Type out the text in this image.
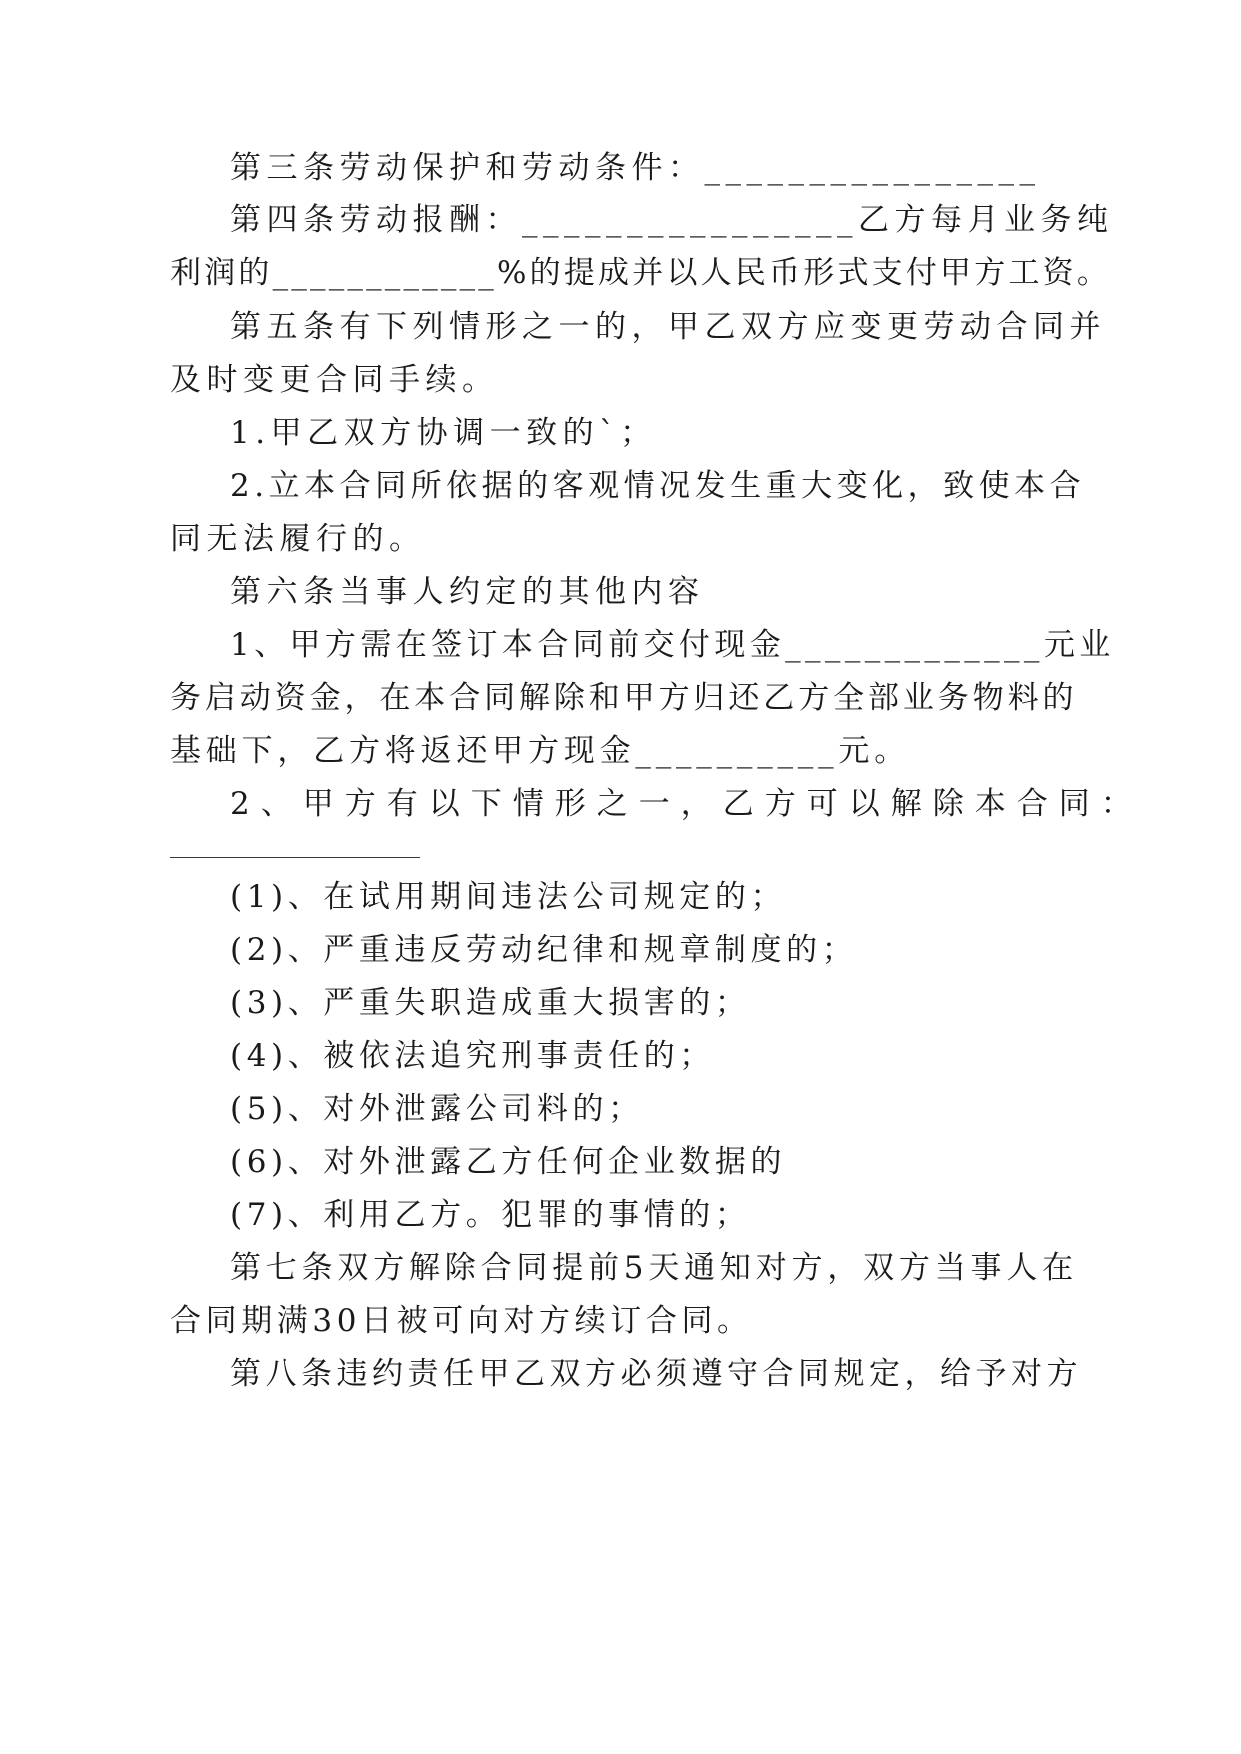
第三条劳动保护和劳动条件：________________
第四条劳动报酬：________________乙方每月业务纯
利润的____________%的提成并以人民币形式支付甲方工资。
第五条有下列情形之一的，甲乙双方应变更劳动合同并
及时变更合同手续。
1.甲乙双方协调一致的`；
2.立本合同所依据的客观情况发生重大变化，致使本合
同无法履行的。
第六条当事人约定的其他内容
1、甲方需在签订本合同前交付现金_____________元业
务启动资金，在本合同解除和甲方归还乙方全部业务物料的
基础下，乙方将返还甲方现金__________元。
2、甲方有以下情形之一，乙方可以解除本合同：
(1)、在试用期间违法公司规定的；
(2)、严重违反劳动纪律和规章制度的；
(3)、严重失职造成重大损害的；
(4)、被依法追究刑事责任的；
(5)、对外泄露公司料的；
(6)、对外泄露乙方任何企业数据的
(7)、利用乙方。犯罪的事情的；
第七条双方解除合同提前5天通知对方，双方当事人在
合同期满30日被可向对方续订合同。
第八条违约责任甲乙双方必须遵守合同规定，给予对方
